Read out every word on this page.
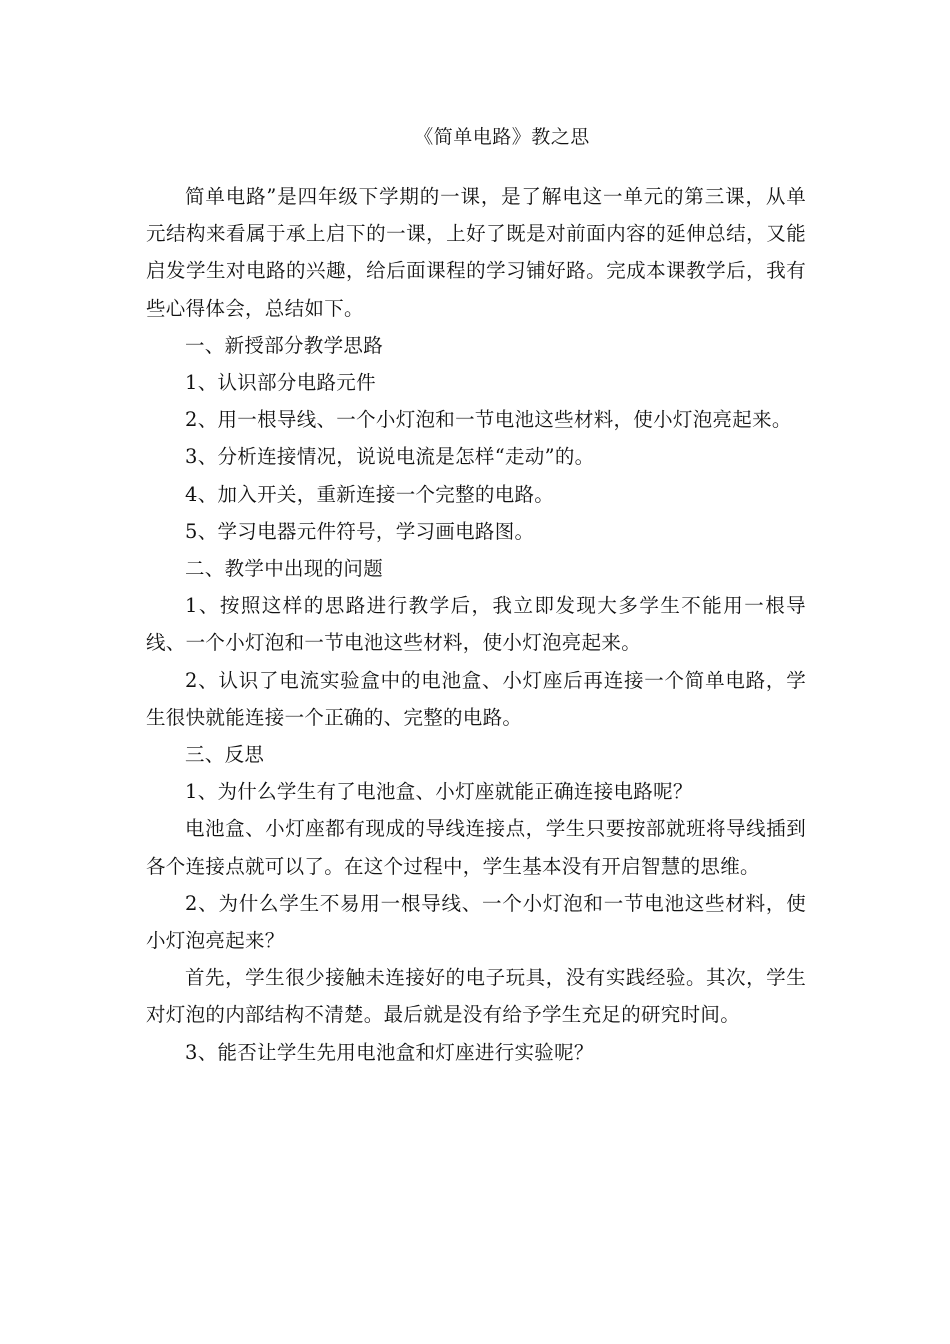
《简单电路》教之思

简单电路”是四年级下学期的一课，是了解电这一单元的第三课，从单元结构来看属于承上启下的一课，上好了既是对前面内容的延伸总结，又能启发学生对电路的兴趣，给后面课程的学习铺好路。完成本课教学后，我有些心得体会，总结如下。

一、新授部分教学思路

1、认识部分电路元件

2、用一根导线、一个小灯泡和一节电池这些材料，使小灯泡亮起来。

3、分析连接情况，说说电流是怎样“走动”的。

4、加入开关，重新连接一个完整的电路。

5、学习电器元件符号，学习画电路图。

二、教学中出现的问题

1、按照这样的思路进行教学后，我立即发现大多学生不能用一根导线、一个小灯泡和一节电池这些材料，使小灯泡亮起来。

2、认识了电流实验盒中的电池盒、小灯座后再连接一个简单电路，学生很快就能连接一个正确的、完整的电路。

三、反思

1、为什么学生有了电池盒、小灯座就能正确连接电路呢？

电池盒、小灯座都有现成的导线连接点，学生只要按部就班将导线插到各个连接点就可以了。在这个过程中，学生基本没有开启智慧的思维。

2、为什么学生不易用一根导线、一个小灯泡和一节电池这些材料，使小灯泡亮起来？

首先，学生很少接触未连接好的电子玩具，没有实践经验。其次，学生对灯泡的内部结构不清楚。最后就是没有给予学生充足的研究时间。

3、能否让学生先用电池盒和灯座进行实验呢？
